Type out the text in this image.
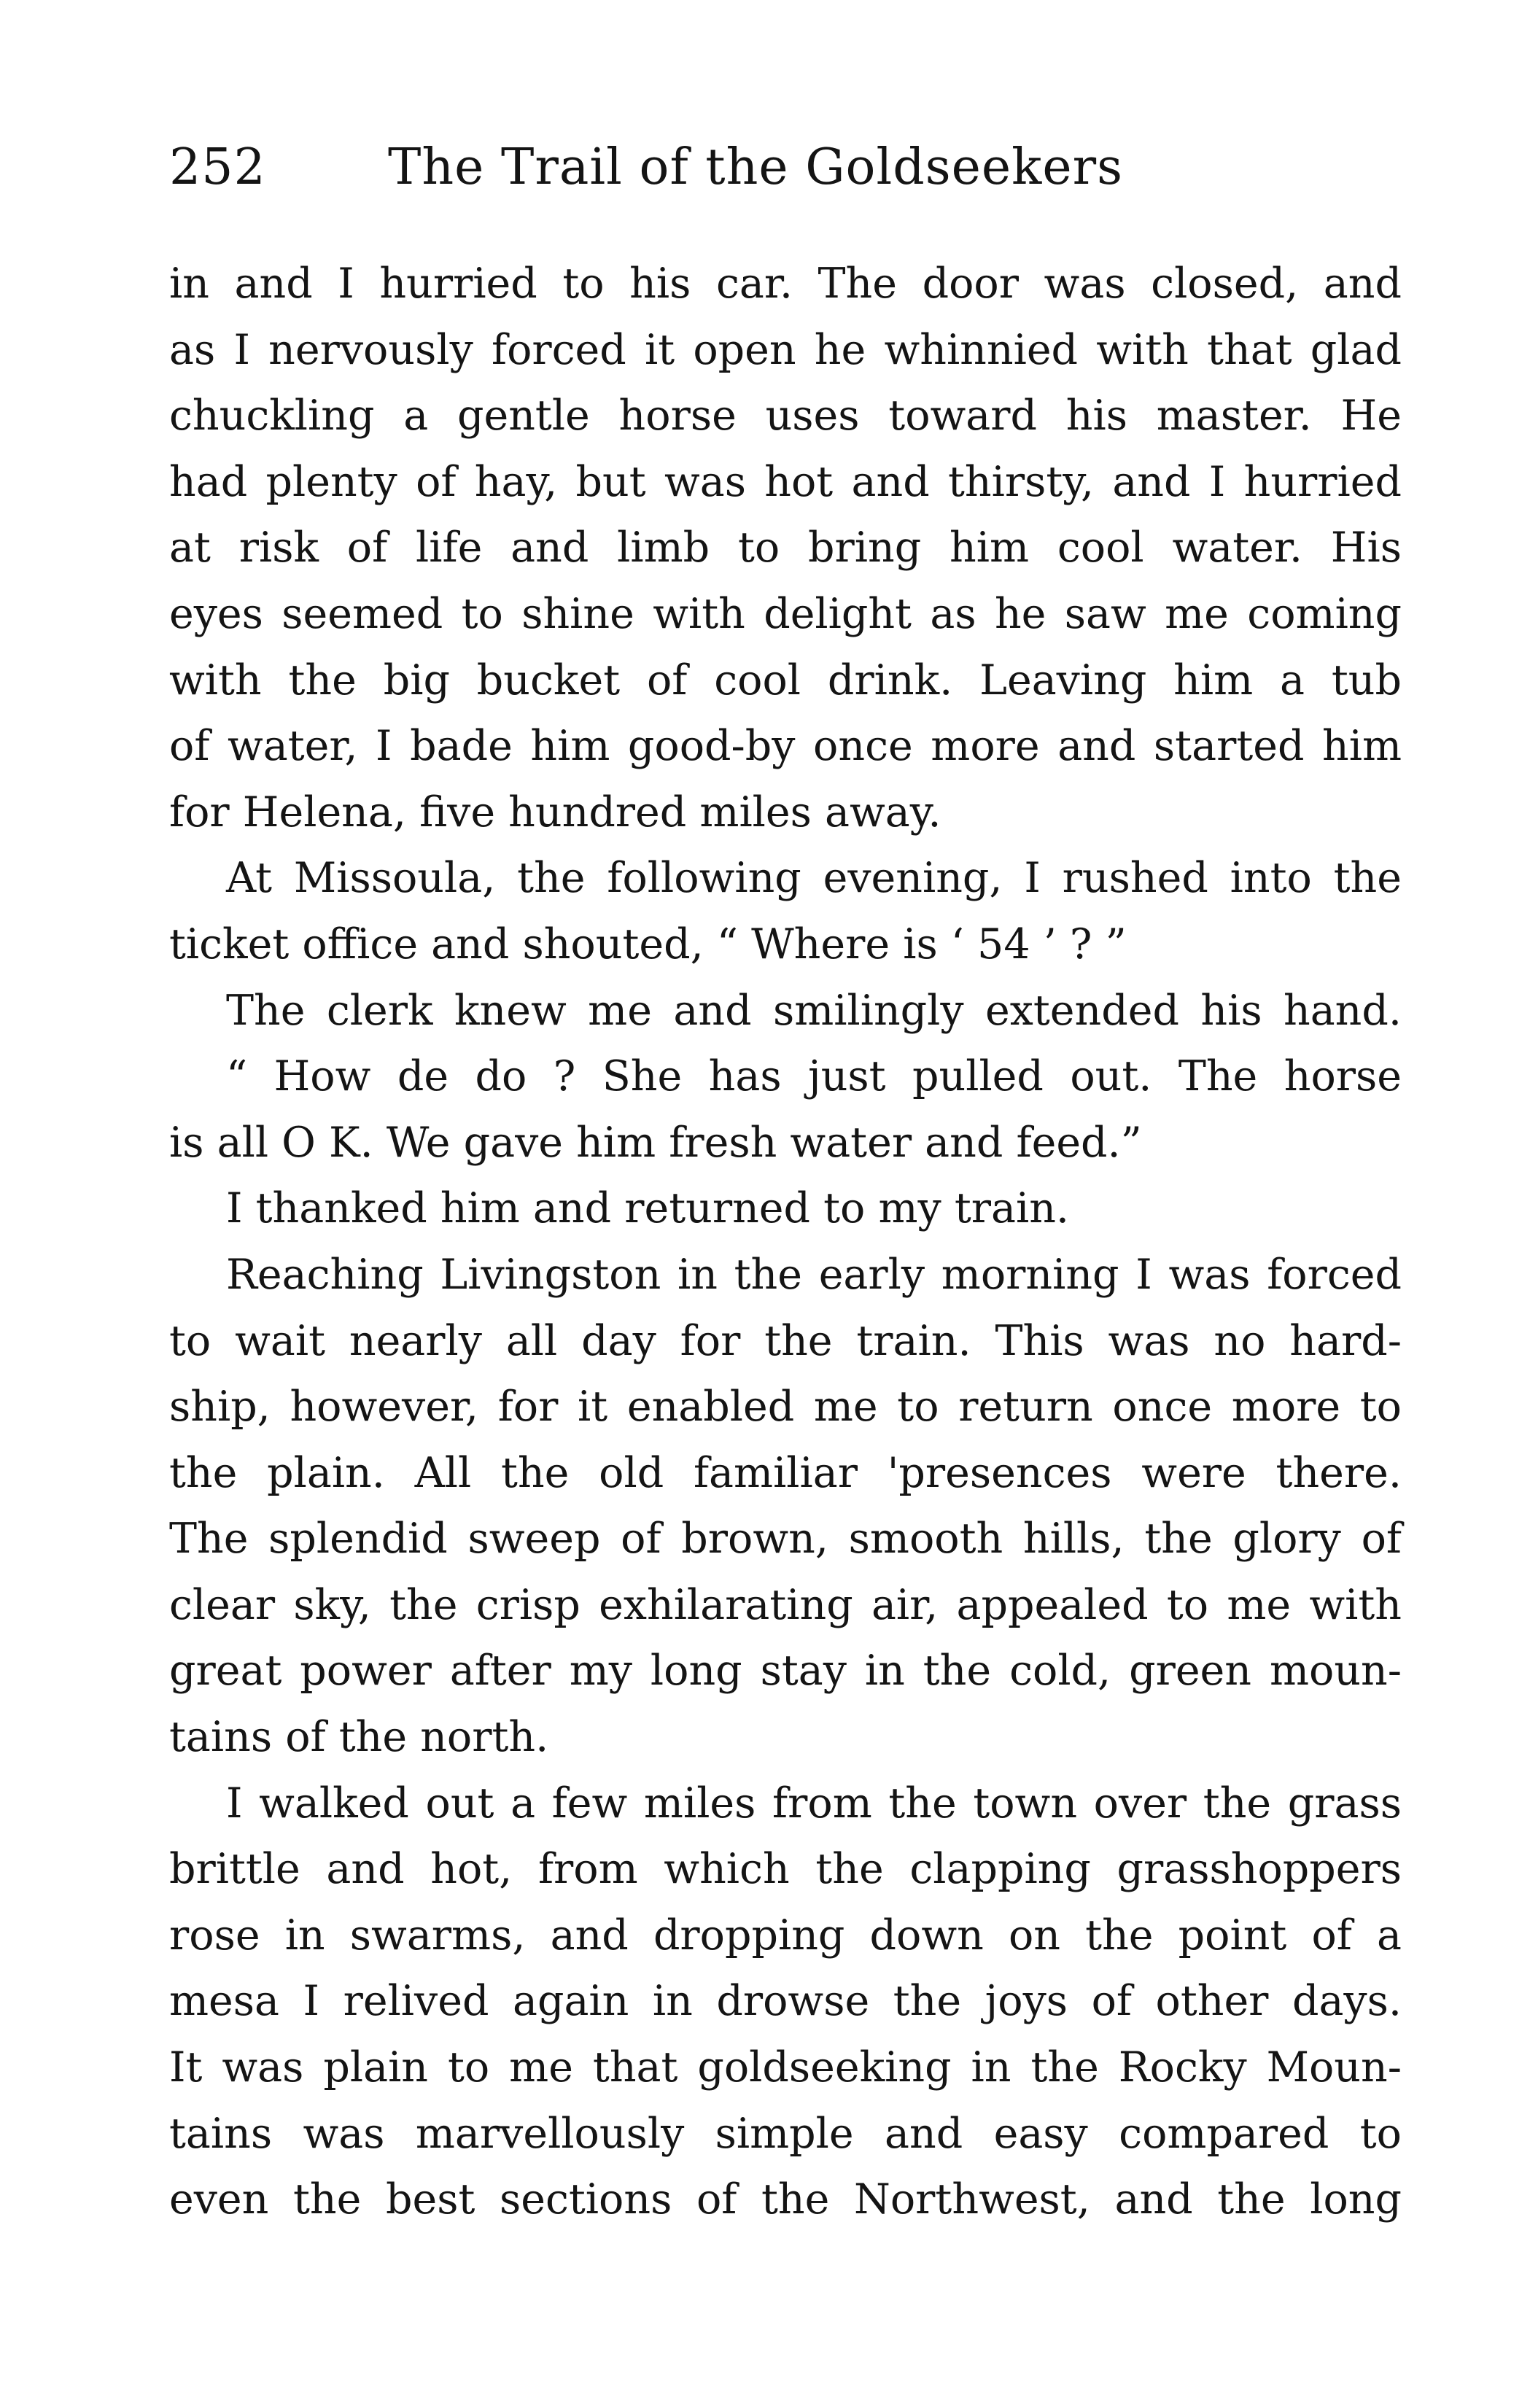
252 The Trail of the Goldseekers
in and I hurried to his car. The door was closed, and
as I nervously forced it open he whinnied with that glad
chuckling a gentle horse uses toward his master. He
had plenty of hay, but was hot and thirsty, and I hurried
at risk of life and limb to bring him cool water. His
eyes seemed to shine with delight as he saw me coming
with the big bucket of cool drink. Leaving him a tub
of water, I bade him good-by once more and started him
for Helena, five hundred miles away.
At Missoula, the following evening, I rushed into the
ticket office and shouted, “ Where is ‘ 54 ’ ? ”
The clerk knew me and smilingly extended his hand.
“ How de do ? She has just pulled out. The horse
is all O K. We gave him fresh water and feed.”
I thanked him and returned to my train.
Reaching Livingston in the early morning I was forced
to wait nearly all day for the train. This was no hard-
ship, however, for it enabled me to return once more to
the plain. All the old familiar 'presences were there.
The splendid sweep of brown, smooth hills, the glory of
clear sky, the crisp exhilarating air, appealed to me with
great power after my long stay in the cold, green moun-
tains of the north.
I walked out a few miles from the town over the grass
brittle and hot, from which the clapping grasshoppers
rose in swarms, and dropping down on the point of a
mesa I relived again in drowse the joys of other days.
It was plain to me that goldseeking in the Rocky Moun-
tains was marvellously simple and easy compared to
even the best sections of the Northwest, and the long
